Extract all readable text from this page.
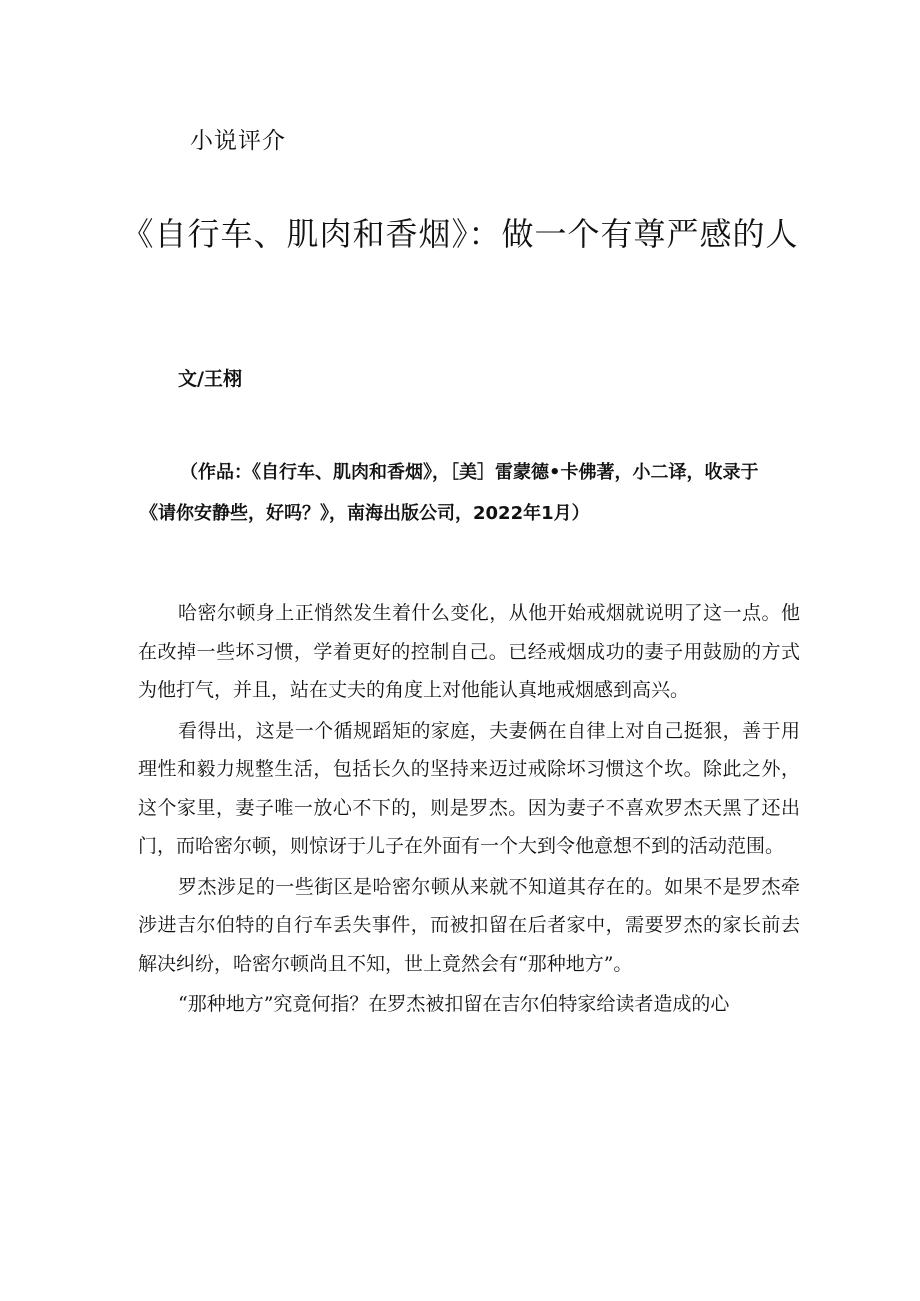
小说评介
《自行车、肌肉和香烟》：做一个有尊严感的人
文/王栩
（作品：《自行车、肌肉和香烟》，［美］雷蒙德•卡佛著，小二译，收录于《请你安静些，好吗？》，南海出版公司，2022年1月）

哈密尔顿身上正悄然发生着什么变化，从他开始戒烟就说明了这一点。他在改掉一些坏习惯，学着更好的控制自己。已经戒烟成功的妻子用鼓励的方式为他打气，并且，站在丈夫的角度上对他能认真地戒烟感到高兴。

看得出，这是一个循规蹈矩的家庭，夫妻俩在自律上对自己挺狠，善于用理性和毅力规整生活，包括长久的坚持来迈过戒除坏习惯这个坎。除此之外，这个家里，妻子唯一放心不下的，则是罗杰。因为妻子不喜欢罗杰天黑了还出门，而哈密尔顿，则惊讶于儿子在外面有一个大到令他意想不到的活动范围。

罗杰涉足的一些街区是哈密尔顿从来就不知道其存在的。如果不是罗杰牵涉进吉尔伯特的自行车丢失事件，而被扣留在后者家中，需要罗杰的家长前去解决纠纷，哈密尔顿尚且不知，世上竟然会有“那种地方”。

“那种地方”究竟何指？在罗杰被扣留在吉尔伯特家给读者造成的心
